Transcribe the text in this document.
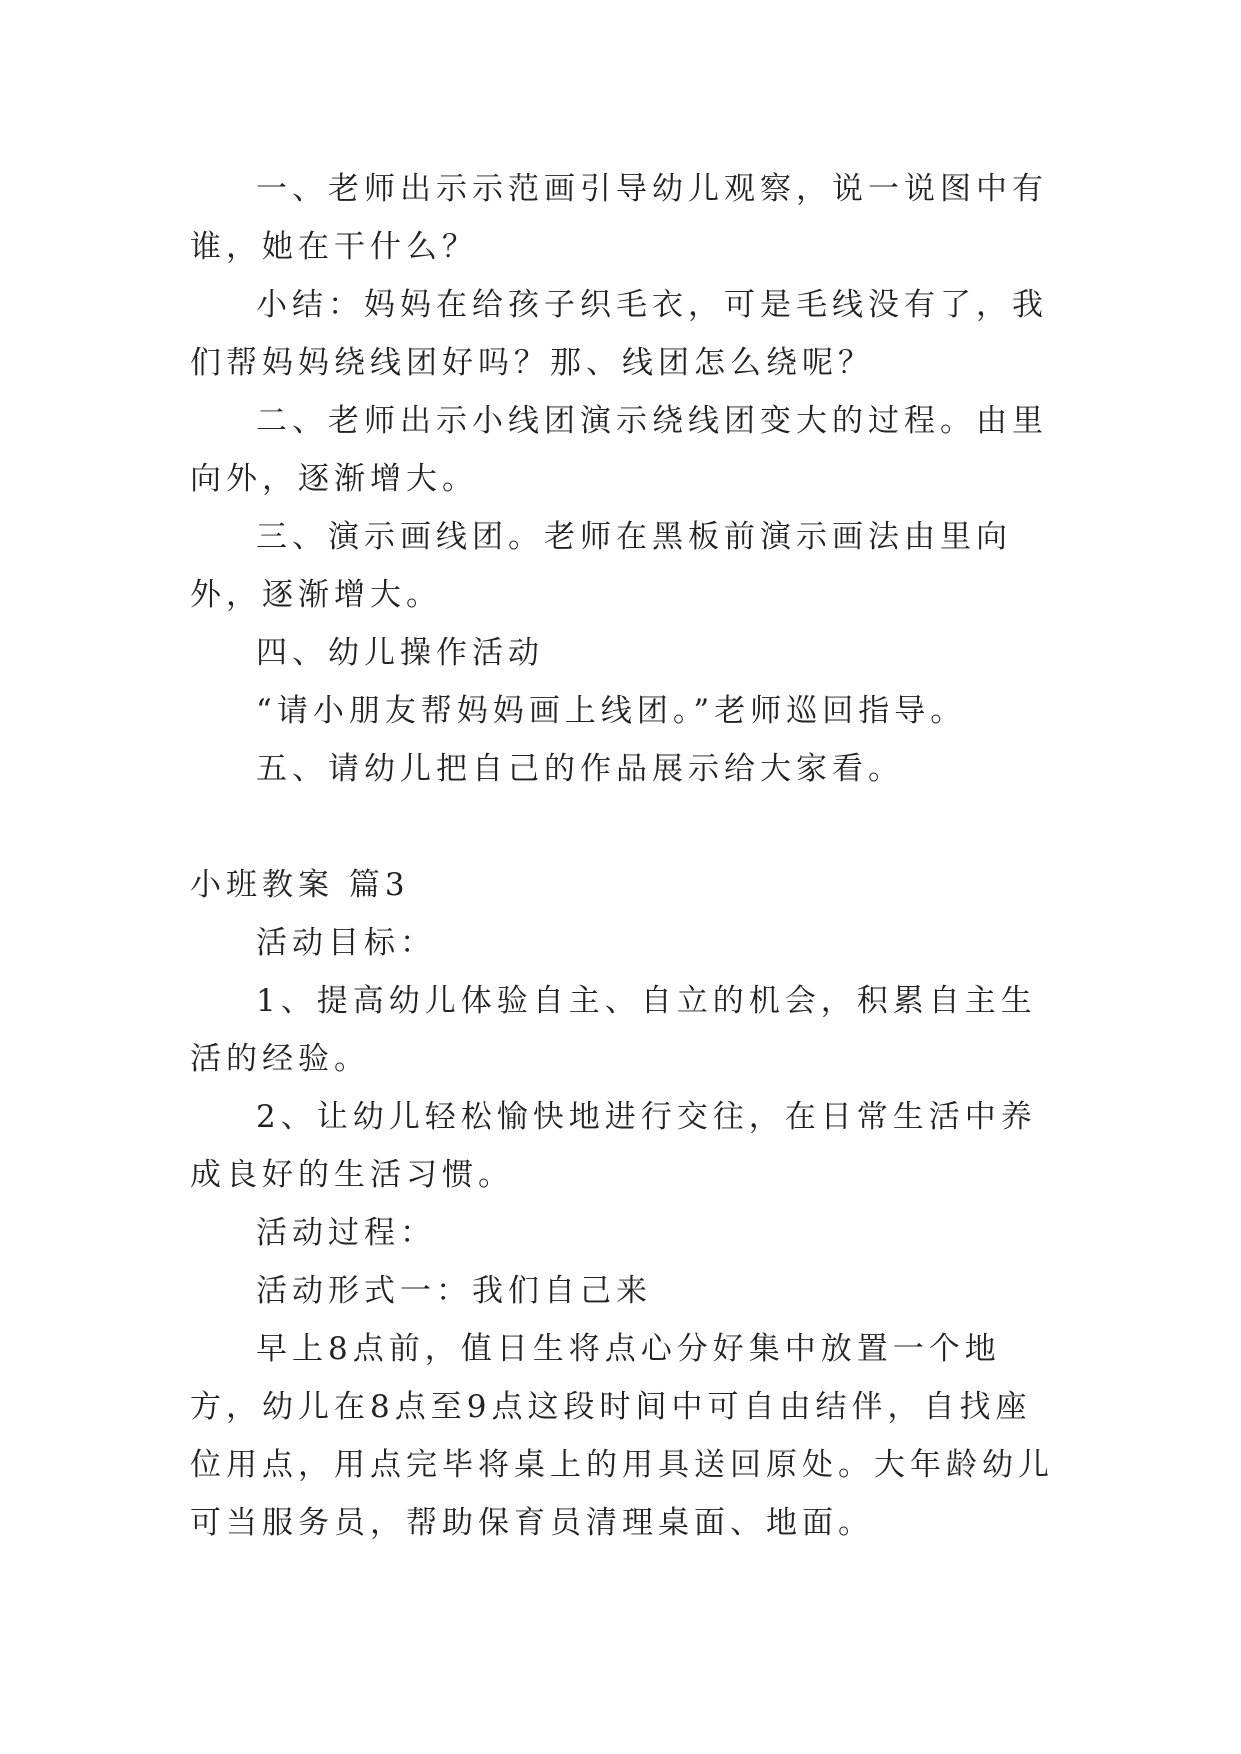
一、老师出示示范画引导幼儿观察，说一说图中有谁，她在干什么？

小结：妈妈在给孩子织毛衣，可是毛线没有了，我们帮妈妈绕线团好吗？那、线团怎么绕呢？

二、老师出示小线团演示绕线团变大的过程。由里向外，逐渐增大。

三、演示画线团。老师在黑板前演示画法由里向外，逐渐增大。

四、幼儿操作活动

“请小朋友帮妈妈画上线团。”老师巡回指导。

五、请幼儿把自己的作品展示给大家看。

小班教案 篇3

活动目标：

1、提高幼儿体验自主、自立的机会，积累自主生活的经验。

2、让幼儿轻松愉快地进行交往，在日常生活中养成良好的生活习惯。

活动过程：

活动形式一：我们自己来

早上8点前，值日生将点心分好集中放置一个地方，幼儿在8点至9点这段时间中可自由结伴，自找座位用点，用点完毕将桌上的用具送回原处。大年龄幼儿可当服务员，帮助保育员清理桌面、地面。
